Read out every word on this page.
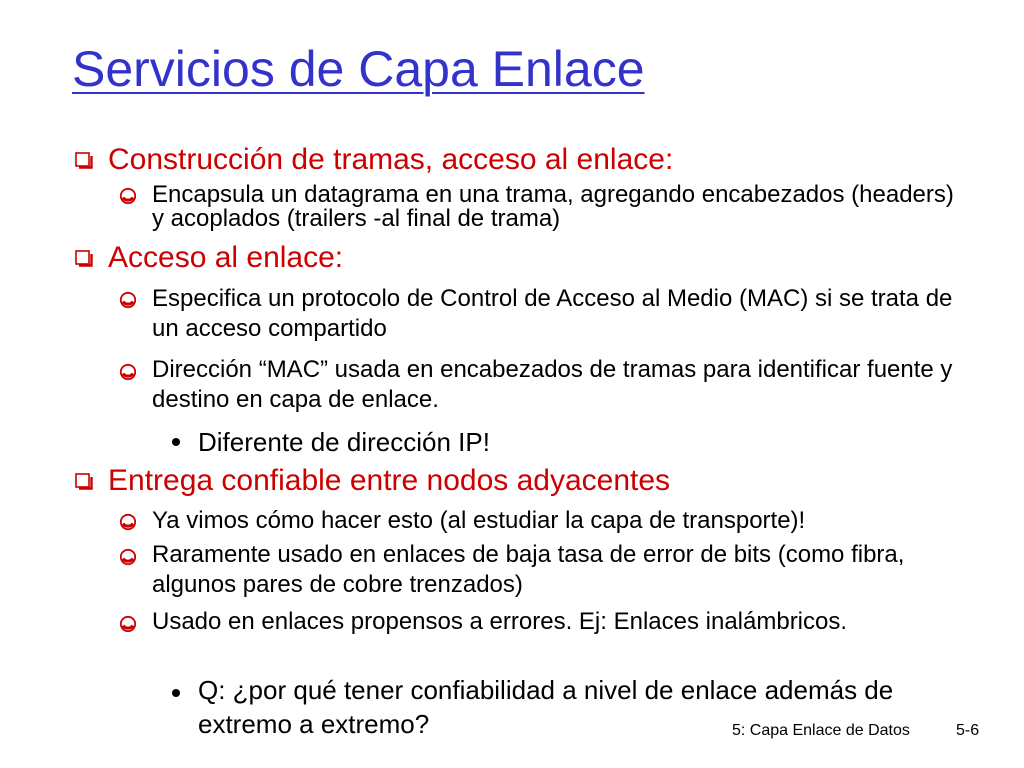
Servicios de Capa Enlace
Construcción de tramas, acceso al enlace:
Encapsula un datagrama en una trama, agregando encabezados (headers) y acoplados (trailers -al final de trama)
Acceso al enlace:
Especifica un protocolo de Control de Acceso al Medio (MAC) si se trata de un acceso compartido
Dirección “MAC” usada en encabezados de tramas para identificar fuente y destino en capa de enlace.
Diferente de dirección IP!
Entrega confiable entre nodos adyacentes
Ya vimos cómo hacer esto (al estudiar la capa de transporte)!
Raramente usado en enlaces de baja tasa de error de bits (como fibra, algunos pares de cobre trenzados)
Usado en enlaces propensos a errores. Ej: Enlaces inalámbricos.
Q: ¿por qué tener confiabilidad a nivel de enlace además de extremo a extremo?	5: Capa Enlace de Datos	5-6
